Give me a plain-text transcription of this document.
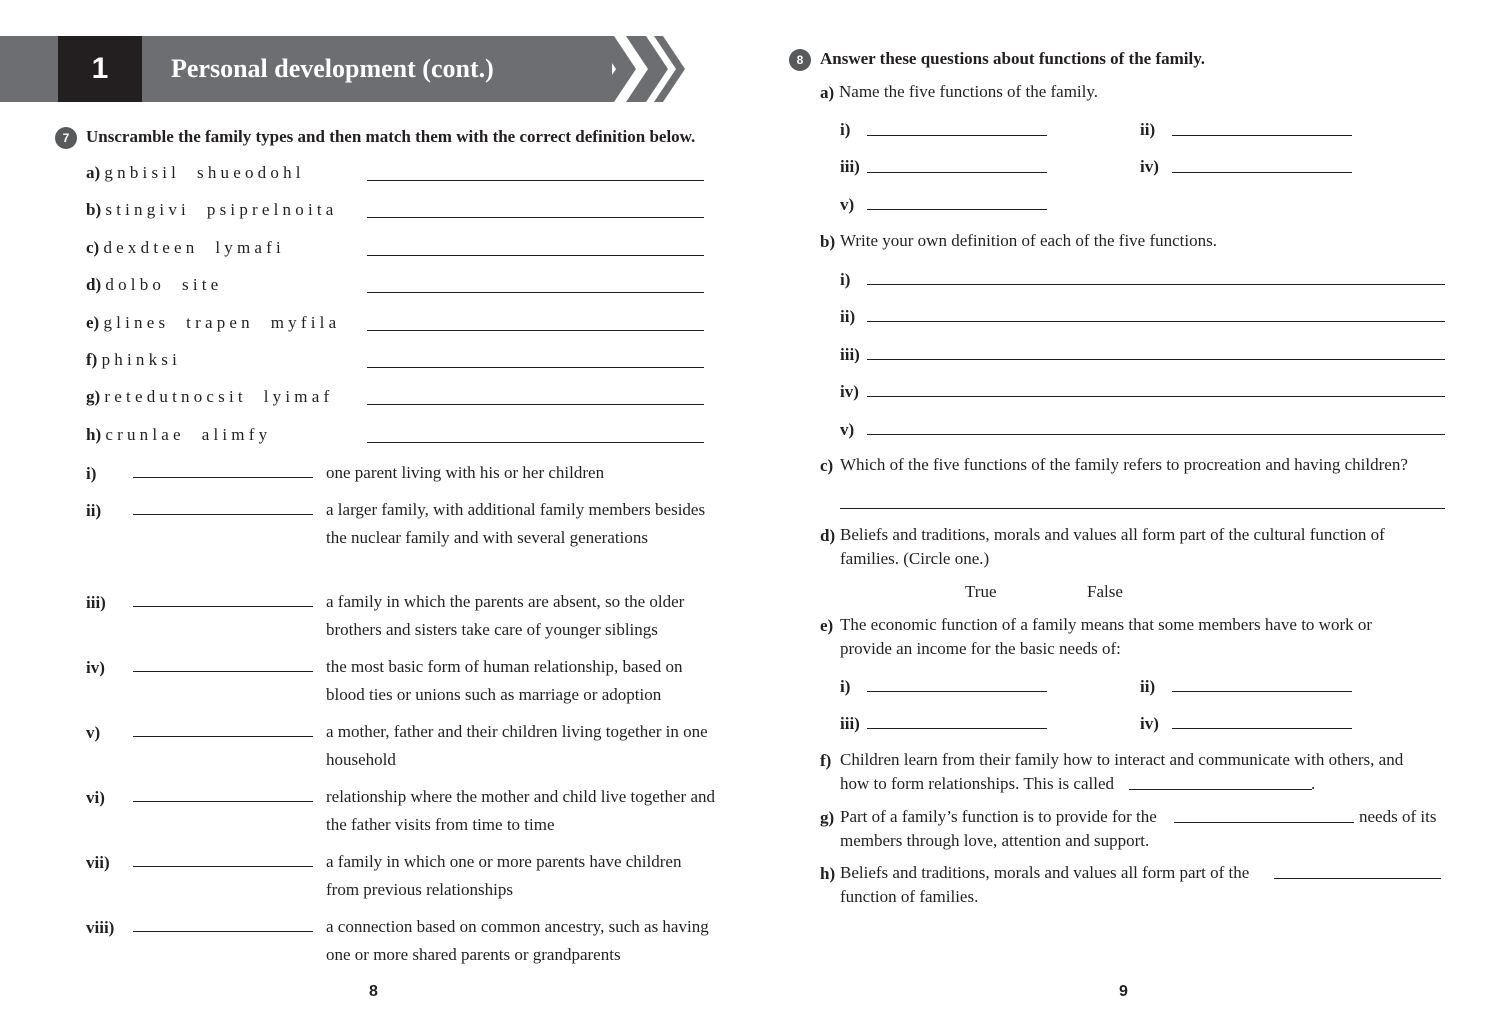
1	Personal development (cont.)
7 Unscramble the family types and then match them with the correct definition below.
a) gnbisil  shueodohl
b) stingivi  psiprelnoita
c) dexdteen  lymafi
d) dolbo  site
e) glines  trapen  myfila
f) phinksi
g) retedutnocsit  lyimaf
h) crunlae  alimfy
i)	one parent living with his or her children
ii)	a larger family, with additional family members besides the nuclear family and with several generations
iii)	a family in which the parents are absent, so the older brothers and sisters take care of younger siblings
iv)	the most basic form of human relationship, based on blood ties or unions such as marriage or adoption
v)	a mother, father and their children living together in one household
vi)	relationship where the mother and child live together and the father visits from time to time
vii)	a family in which one or more parents have children from previous relationships
viii)	a connection based on common ancestry, such as having one or more shared parents or grandparents
8 Answer these questions about functions of the family.
a) Name the five functions of the family.
i)	ii)
iii)	iv)
v)
b) Write your own definition of each of the five functions.
i)
ii)
iii)
iv)
v)
c) Which of the five functions of the family refers to procreation and having children?
d) Beliefs and traditions, morals and values all form part of the cultural function of
families. (Circle one.)
True	False
e) The economic function of a family means that some members have to work or
provide an income for the basic needs of:
i)	ii)
iii)	iv)
f) Children learn from their family how to interact and communicate with others, and
how to form relationships. This is called	.
g) Part of a family’s function is to provide for the	needs of its
members through love, attention and support.
h) Beliefs and traditions, morals and values all form part of the
function of families.
8	9
